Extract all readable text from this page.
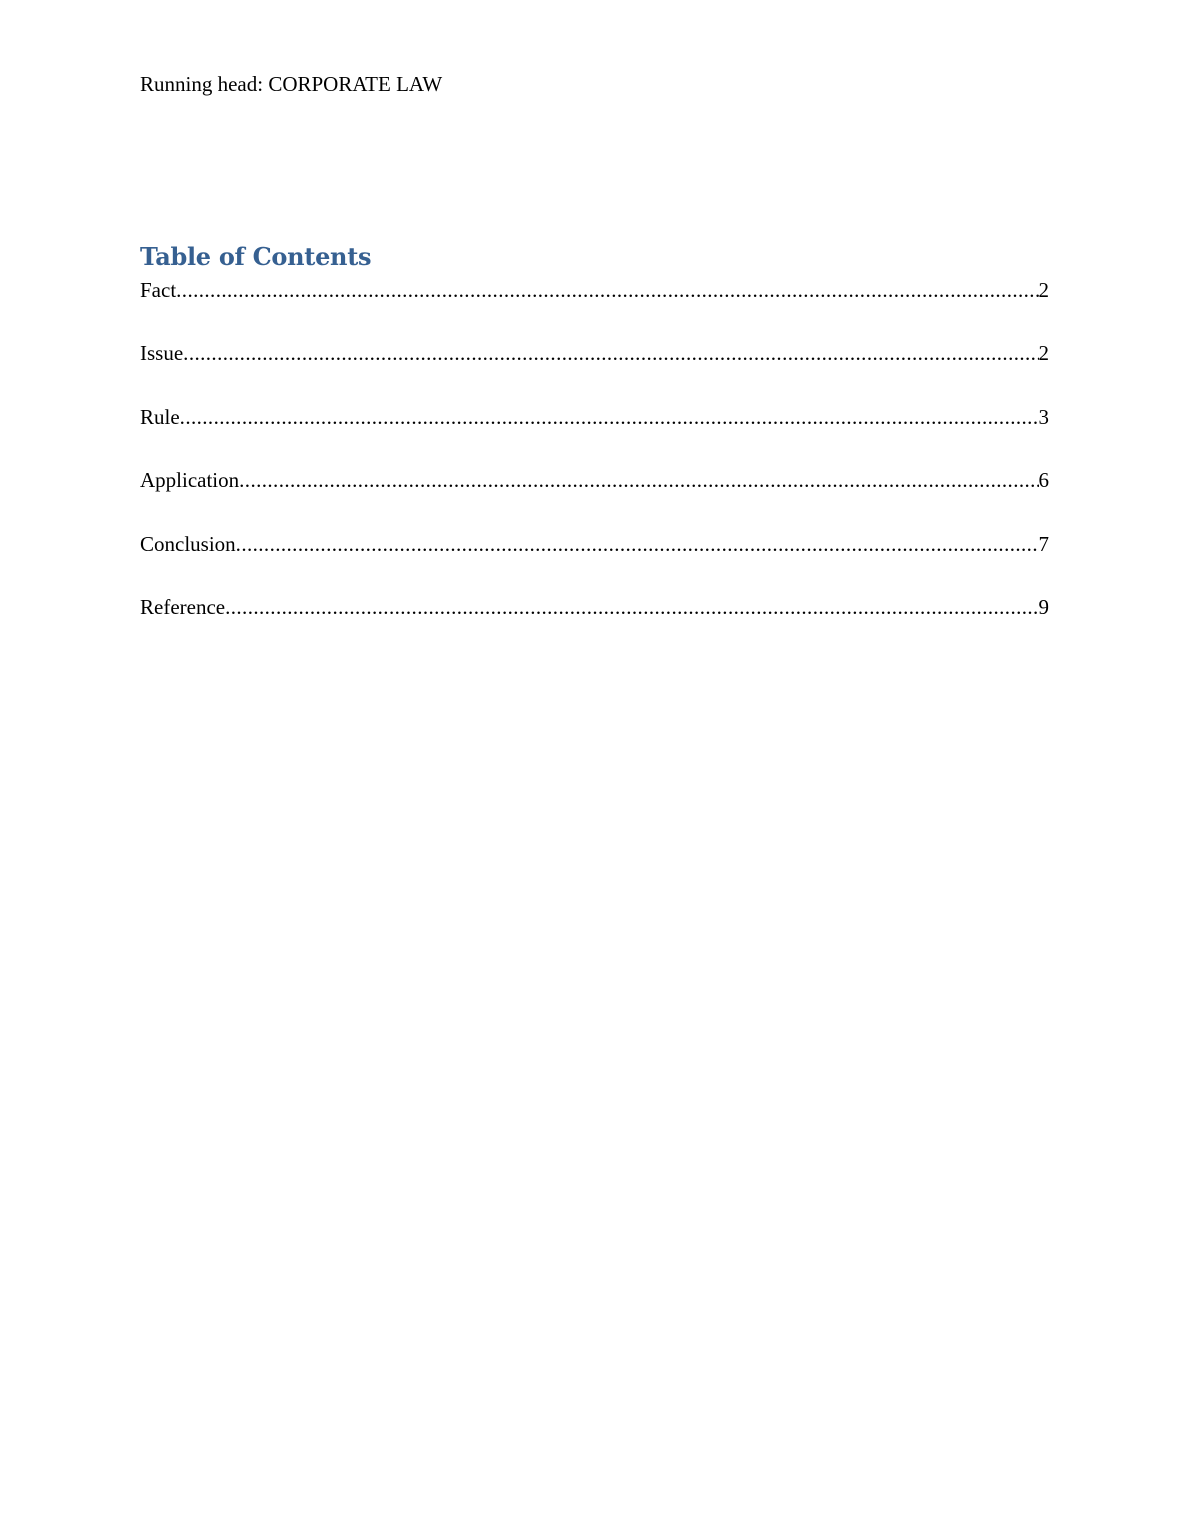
Running head: CORPORATE LAW
Table of Contents
Fact .....	2
Issue .....	2
Rule .....	3
Application .....	6
Conclusion .....	7
Reference .....	9
